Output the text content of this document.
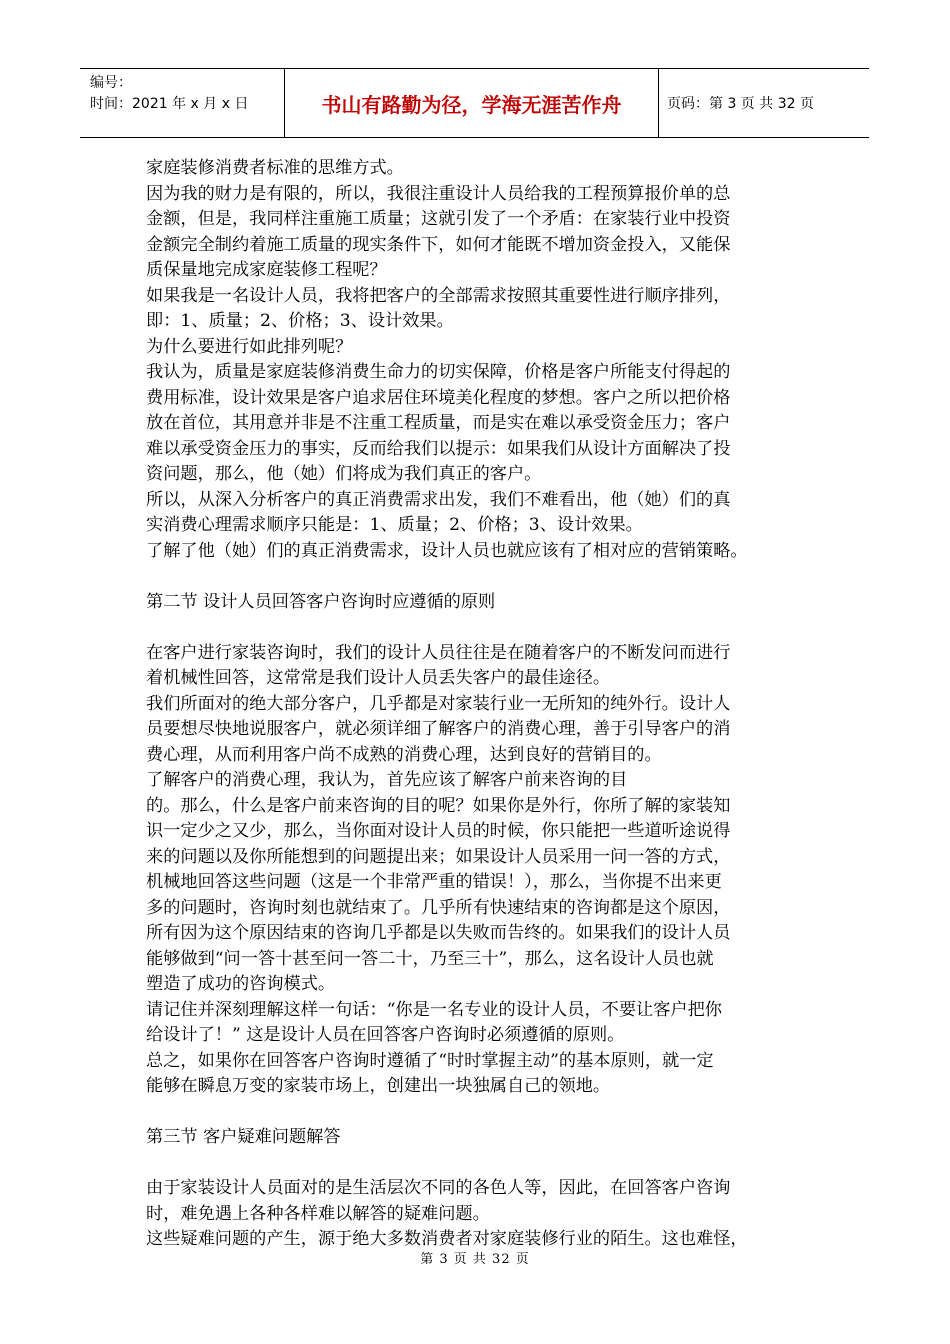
编号：
时间：2021 年 x 月 x 日	书山有路勤为径，学海无涯苦作舟	页码：第 3 页 共 32 页

家庭装修消费者标准的思维方式。

因为我的财力是有限的，所以，我很注重设计人员给我的工程预算报价单的总

金额，但是，我同样注重施工质量；这就引发了一个矛盾：在家装行业中投资

金额完全制约着施工质量的现实条件下，如何才能既不增加资金投入，又能保

质保量地完成家庭装修工程呢？

如果我是一名设计人员，我将把客户的全部需求按照其重要性进行顺序排列，

即：1、质量；2、价格；3、设计效果。

为什么要进行如此排列呢？

我认为，质量是家庭装修消费生命力的切实保障，价格是客户所能支付得起的

费用标准，设计效果是客户追求居住环境美化程度的梦想。客户之所以把价格

放在首位，其用意并非是不注重工程质量，而是实在难以承受资金压力；客户

难以承受资金压力的事实，反而给我们以提示：如果我们从设计方面解决了投

资问题，那么，他（她）们将成为我们真正的客户。

所以，从深入分析客户的真正消费需求出发，我们不难看出，他（她）们的真

实消费心理需求顺序只能是：1、质量；2、价格；3、设计效果。

了解了他（她）们的真正消费需求，设计人员也就应该有了相对应的营销策略。

第二节 设计人员回答客户咨询时应遵循的原则

在客户进行家装咨询时，我们的设计人员往往是在随着客户的不断发问而进行

着机械性回答，这常常是我们设计人员丢失客户的最佳途径。

我们所面对的绝大部分客户，几乎都是对家装行业一无所知的纯外行。设计人

员要想尽快地说服客户，就必须详细了解客户的消费心理，善于引导客户的消

费心理，从而利用客户尚不成熟的消费心理，达到良好的营销目的。

了解客户的消费心理，我认为，首先应该了解客户前来咨询的目

的。那么，什么是客户前来咨询的目的呢？如果你是外行，你所了解的家装知

识一定少之又少，那么，当你面对设计人员的时候，你只能把一些道听途说得

来的问题以及你所能想到的问题提出来；如果设计人员采用一问一答的方式，

机械地回答这些问题（这是一个非常严重的错误！），那么，当你提不出来更

多的问题时，咨询时刻也就结束了。几乎所有快速结束的咨询都是这个原因，

所有因为这个原因结束的咨询几乎都是以失败而告终的。如果我们的设计人员

能够做到“问一答十甚至问一答二十，乃至三十”，那么，这名设计人员也就

塑造了成功的咨询模式。

请记住并深刻理解这样一句话：“你是一名专业的设计人员，不要让客户把你

给设计了！” 这是设计人员在回答客户咨询时必须遵循的原则。

总之，如果你在回答客户咨询时遵循了“时时掌握主动”的基本原则，就一定

能够在瞬息万变的家装市场上，创建出一块独属自己的领地。

第三节 客户疑难问题解答

由于家装设计人员面对的是生活层次不同的各色人等，因此，在回答客户咨询

时，难免遇上各种各样难以解答的疑难问题。

这些疑难问题的产生，源于绝大多数消费者对家庭装修行业的陌生。这也难怪，

第 3 页 共 32 页
